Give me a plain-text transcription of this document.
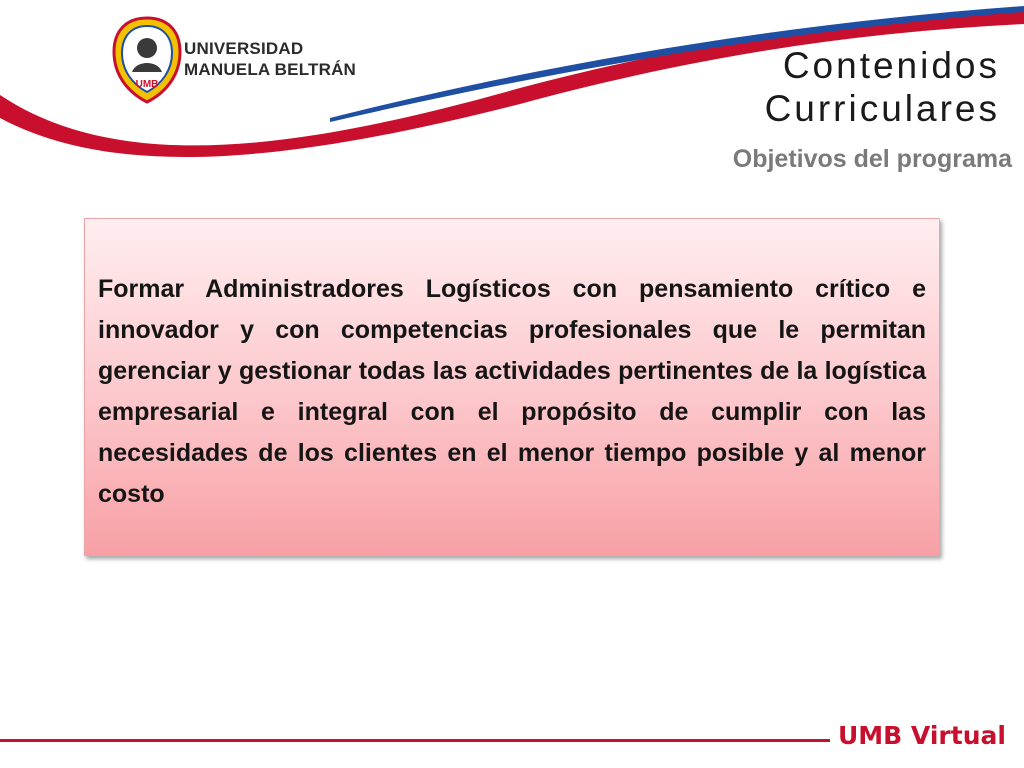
UMB
UNIVERSIDAD
MANUELA BELTRÁN	Contenidos
Curriculares
Objetivos del programa

Formar Administradores Logísticos con pensamiento crítico e innovador y con competencias profesionales que le permitan gerenciar y gestionar todas las actividades pertinentes de la logística empresarial e integral con el propósito de cumplir con las necesidades de los clientes en el menor tiempo posible y al menor costo

UMB Virtual
